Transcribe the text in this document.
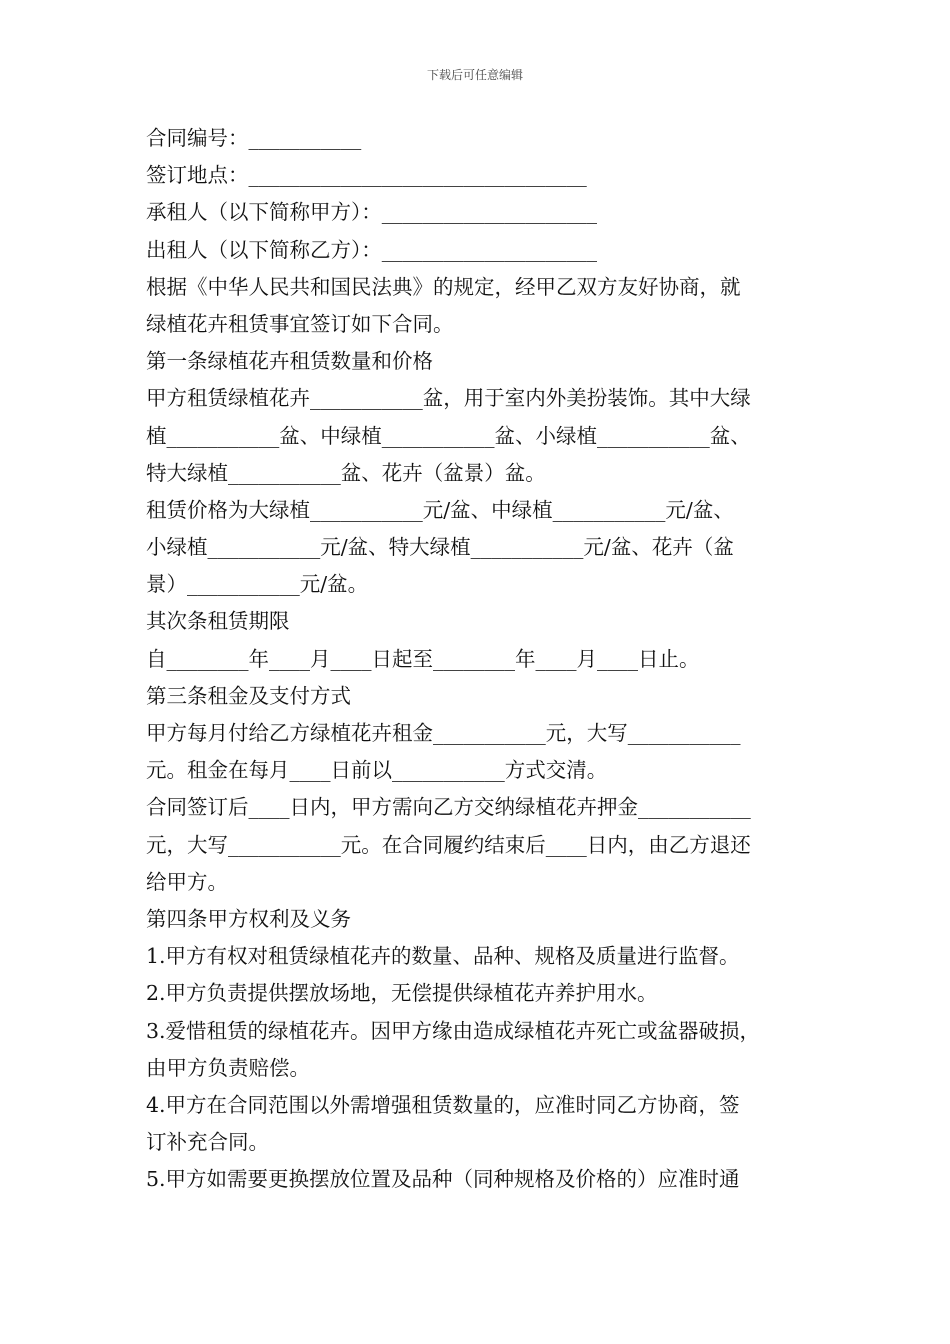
下载后可任意编辑
合同编号：___________
签订地点：_________________________________
承租人（以下简称甲方）：_____________________
出租人（以下简称乙方）：_____________________
根据《中华人民共和国民法典》的规定，经甲乙双方友好协商，就
绿植花卉租赁事宜签订如下合同。
第一条绿植花卉租赁数量和价格
甲方租赁绿植花卉___________盆，用于室内外美扮装饰。其中大绿
植___________盆、中绿植___________盆、小绿植___________盆、
特大绿植___________盆、花卉（盆景）盆。
租赁价格为大绿植___________元/盆、中绿植___________元/盆、
小绿植___________元/盆、特大绿植___________元/盆、花卉（盆
景）___________元/盆。
其次条租赁期限
自________年____月____日起至________年____月____日止。
第三条租金及支付方式
甲方每月付给乙方绿植花卉租金___________元，大写___________
元。租金在每月____日前以___________方式交清。
合同签订后____日内，甲方需向乙方交纳绿植花卉押金___________
元，大写___________元。在合同履约结束后____日内，由乙方退还
给甲方。
第四条甲方权利及义务
1.甲方有权对租赁绿植花卉的数量、品种、规格及质量进行监督。
2.甲方负责提供摆放场地，无偿提供绿植花卉养护用水。
3.爱惜租赁的绿植花卉。因甲方缘由造成绿植花卉死亡或盆器破损，
由甲方负责赔偿。
4.甲方在合同范围以外需增强租赁数量的，应准时同乙方协商，签
订补充合同。
5.甲方如需要更换摆放位置及品种（同种规格及价格的）应准时通
